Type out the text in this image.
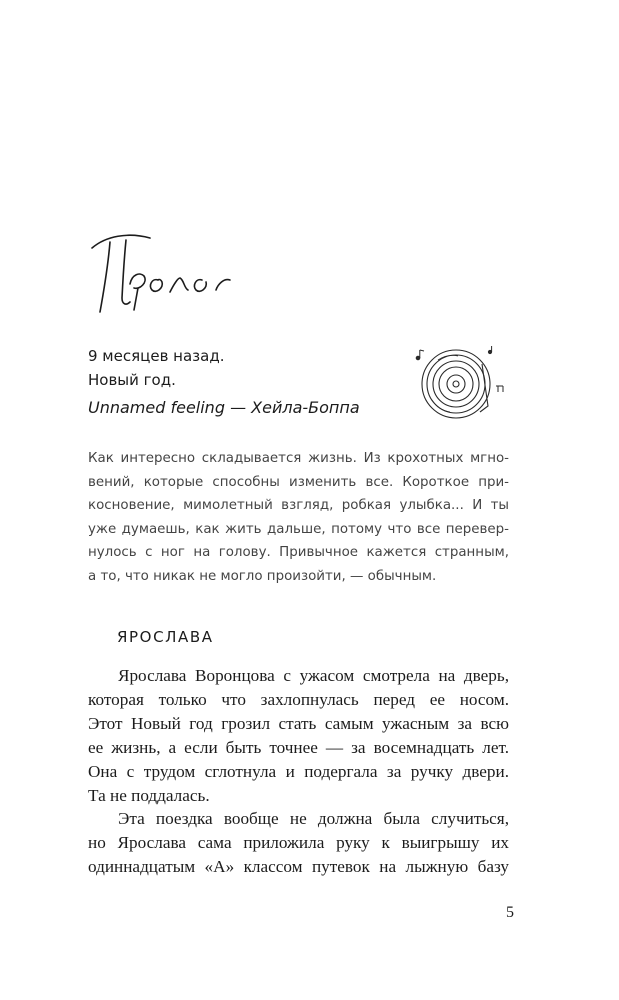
9 месяцев назад.
Новый год.
Unnamed feeling — Хейла-Боппа
Как интересно складывается жизнь. Из крохотных мгно-
вений, которые способны изменить все. Короткое при-
косновение, мимолетный взгляд, робкая улыбка... И ты
уже думаешь, как жить дальше, потому что все перевер-
нулось с ног на голову. Привычное кажется странным,
а то, что никак не могло произойти, — обычным.
ЯРОСЛАВА
Ярослава Воронцова с ужасом смотрела на дверь,
которая только что захлопнулась перед ее носом.
Этот Новый год грозил стать самым ужасным за всю
ее жизнь, а если быть точнее — за восемнадцать лет.
Она с трудом сглотнула и подергала за ручку двери.
Та не поддалась.
Эта поездка вообще не должна была случиться,
но Ярослава сама приложила руку к выигрышу их
одиннадцатым «А» классом путевок на лыжную базу
5
